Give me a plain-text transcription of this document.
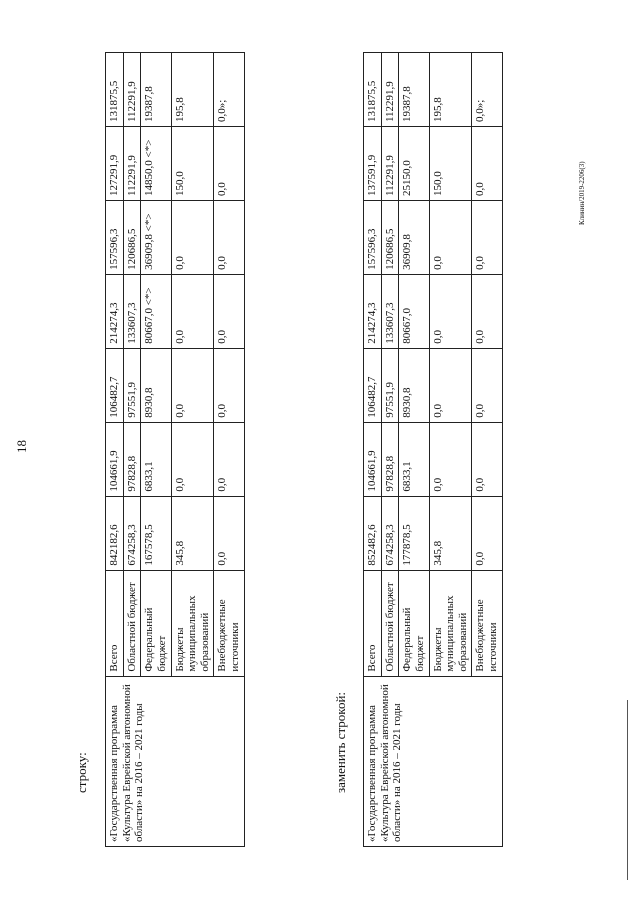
18
строку: «Государственная программа «Культура Еврейской автономной области» на 2016 – 2021 годы	Всего	842182,6	104661,9	106482,7	214274,3	157596,3	127291,9	131875,5
	Областной бюджет	674258,3	97828,8	97551,9	133607,3	120686,5	112291,9	112291,9
	Федеральный бюджет	167578,5	6833,1	8930,8	80667,0 <*>	36909,8 <*>	14850,0 <*>	19387,8
	Бюджеты муниципальных образований	345,8	0,0	0,0	0,0	0,0	150,0	195,8
	Внебюджетные источники	0,0	0,0	0,0	0,0	0,0	0,0	0,0»;
заменить строкой: «Государственная программа «Культура Еврейской автономной области» на 2016 – 2021 годы	Всего	852482,6	104661,9	106482,7	214274,3	157596,3	137591,9	131875,5
	Областной бюджет	674258,3	97828,8	97551,9	133607,3	120686,5	112291,9	112291,9
	Федеральный бюджет	177878,5	6833,1	8930,8	80667,0	36909,8	25150,0	19387,8
	Бюджеты муниципальных образований	345,8	0,0	0,0	0,0	0,0	150,0	195,8
	Внебюджетные источники	0,0	0,0	0,0	0,0	0,0	0,0	0,0»;
Клинин/2019-2206(3)
